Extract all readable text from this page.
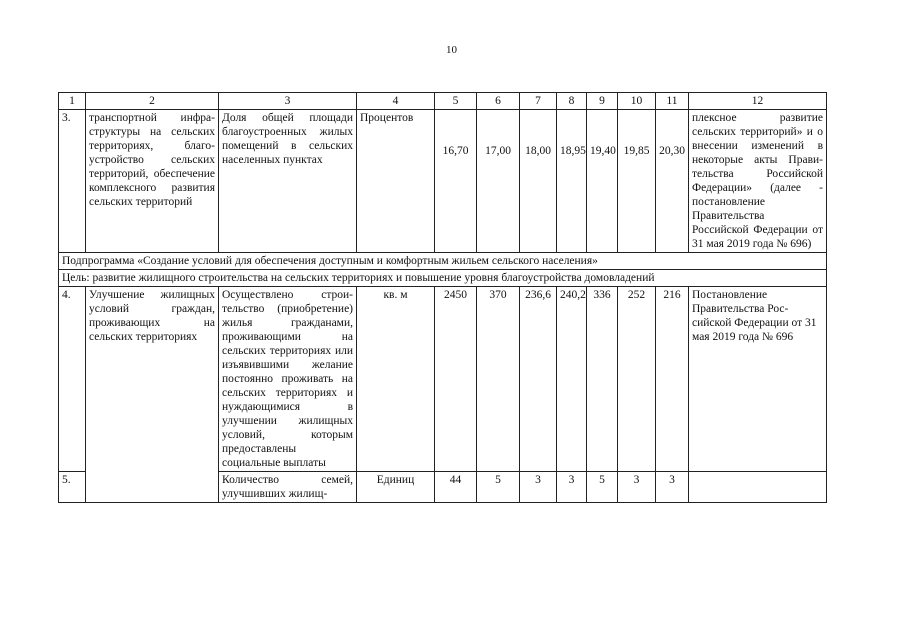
10
1	2	3	4	5	6	7	8	9	10	11	12
3.	транспортной инфраструктуры на сельских территориях, благоустройство сельских территорий, обеспечение комплексного развития сельских территорий	Доля общей площади благоустроенных жилых помещений в сельских населенных пунктах	Процентов	16,70	17,00	18,00	18,95	19,40	19,85	20,30	плексное развитие сельских территорий» и о внесении изменений в некоторые акты Правительства Российской Федерации» (далее - постановление Правительства Российской Федерации от 31 мая 2019 года № 696)
Подпрограмма «Создание условий для обеспечения доступным и комфортным жильем сельского населения»											
Цель: развитие жилищного строительства на сельских территориях и повышение уровня благоустройства домовладений											
4.	Улучшение жилищных условий граждан, проживающих на сельских территориях	Осуществлено строительство (приобретение) жилья гражданами, проживающими на сельских территориях или изъявившими желание постоянно проживать на сельских территориях и нуждающимися в улучшении жилищных условий, которым предоставлены социальные выплаты	кв. м	2450	370	236,6	240,2	336	252	216	Постановление Правительства Российской Федерации от 31 мая 2019 года № 696
5.		Количество семей, улучшивших жилищ-	Единиц	44	5	3	3	5	3	3	
